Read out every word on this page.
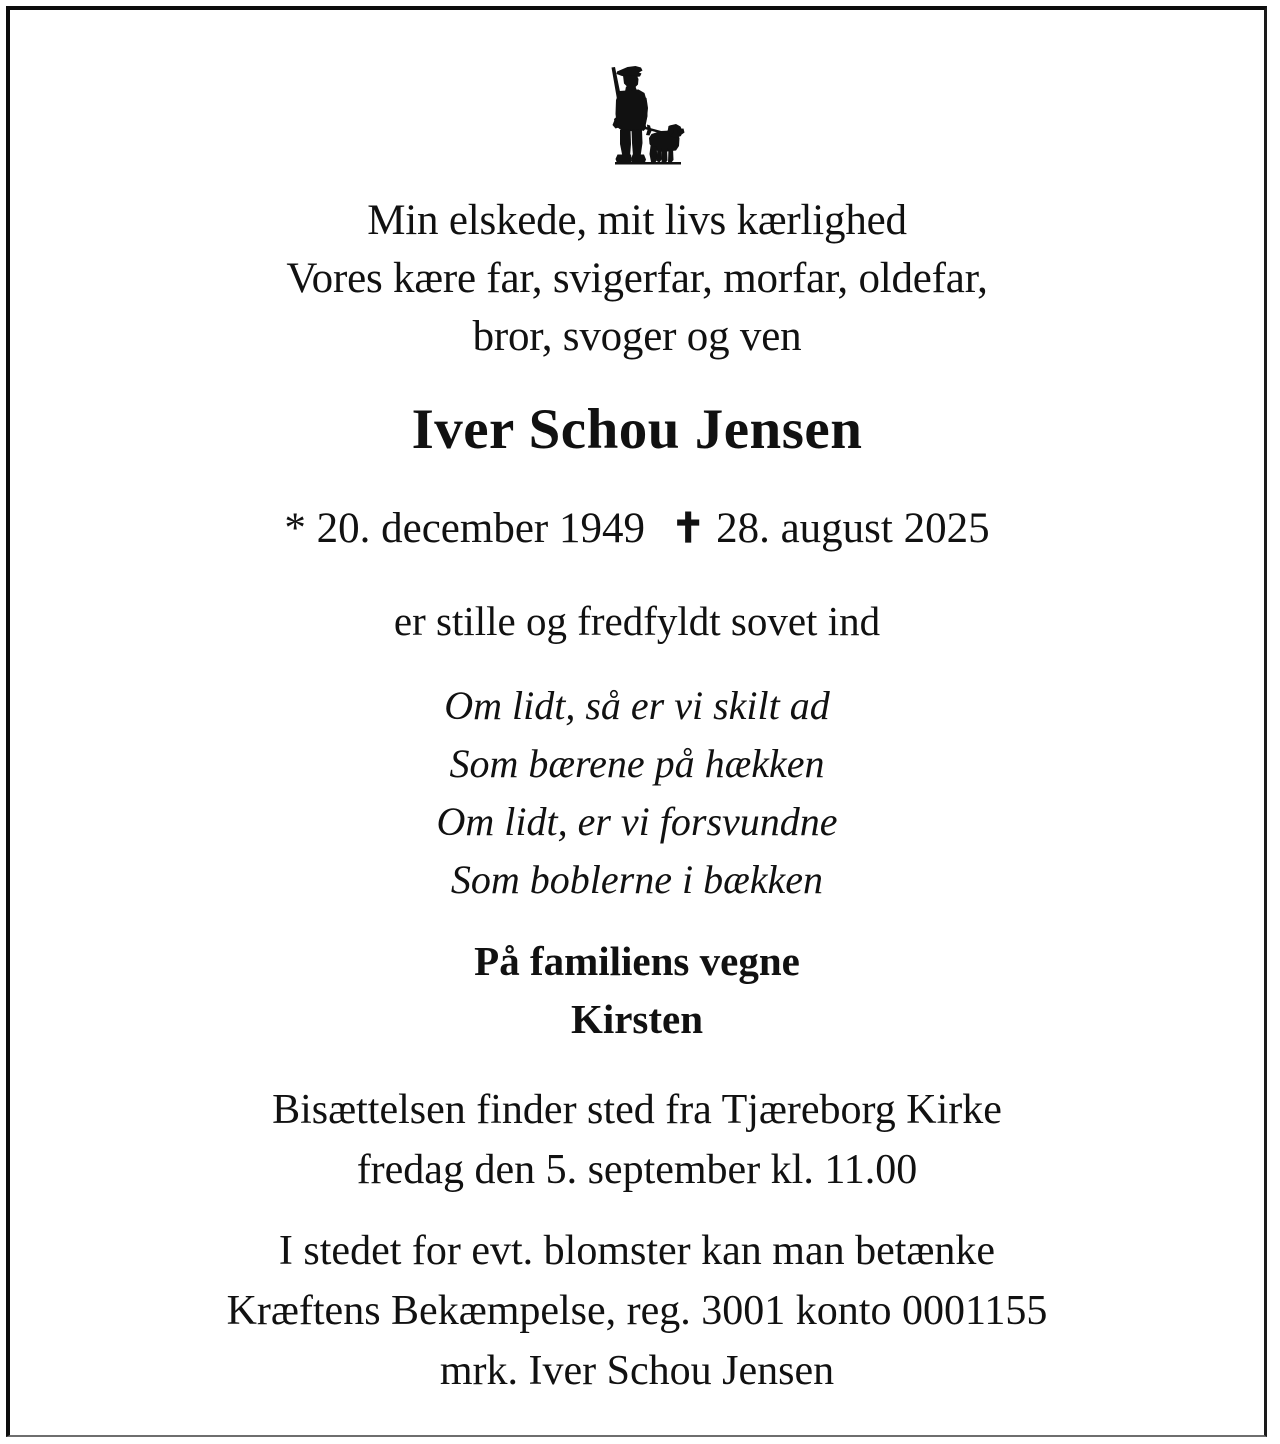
Min elskede, mit livs kærlighed
Vores kære far, svigerfar, morfar, oldefar,
bror, svoger og ven
Iver Schou Jensen
* 20. december 1949 ✝ 28. august 2025
er stille og fredfyldt sovet ind
Om lidt, så er vi skilt ad
Som bærene på hækken
Om lidt, er vi forsvundne
Som boblerne i bækken
På familiens vegne
Kirsten
Bisættelsen finder sted fra Tjæreborg Kirke
fredag den 5. september kl. 11.00
I stedet for evt. blomster kan man betænke
Kræftens Bekæmpelse, reg. 3001 konto 0001155
mrk. Iver Schou Jensen
